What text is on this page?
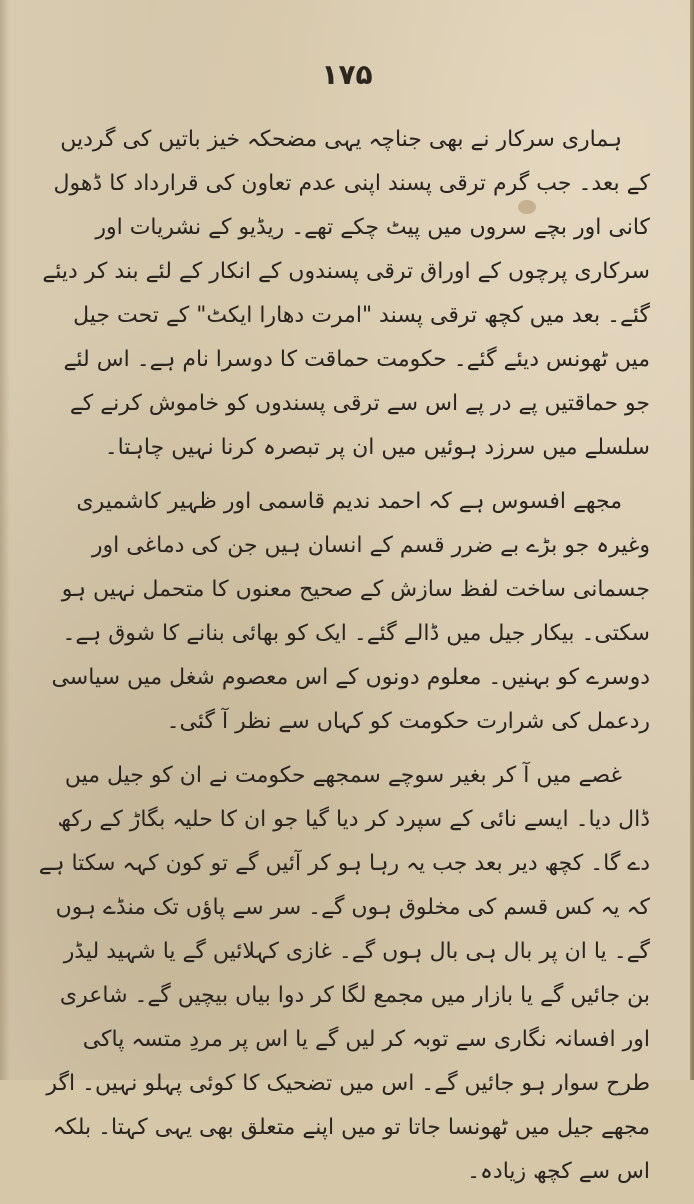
۱۷۵

ہماری سرکار نے بھی جناچہ یہی مضحکہ خیز باتیں کی گردیں کے بعد۔ جب گرم ترقی پسند اپنی عدم تعاون کی قرارداد کا ڈھول کانی اور بچے سروں میں پیٹ چکے تھے۔ ریڈیو کے نشریات اور سرکاری پرچوں کے اوراق ترقی پسندوں کے انکار کے لئے بند کر دیئے گئے۔ بعد میں کچھ ترقی پسند "امرت دھارا ایکٹ" کے تحت جیل میں ٹھونس دیئے گئے۔ حکومت حماقت کا دوسرا نام ہے۔ اس لئے جو حماقتیں پے در پے اس سے ترقی پسندوں کو خاموش کرنے کے سلسلے میں سرزد ہوئیں میں ان پر تبصرہ کرنا نہیں چاہتا۔

مجھے افسوس ہے کہ احمد ندیم قاسمی اور ظہیر کاشمیری وغیرہ جو بڑے بے ضرر قسم کے انسان ہیں جن کی دماغی اور جسمانی ساخت لفظ سازش کے صحیح معنوں کا متحمل نہیں ہو سکتی۔ بیکار جیل میں ڈالے گئے۔ ایک کو بھائی بنانے کا شوق ہے۔ دوسرے کو بہنیں۔ معلوم دونوں کے اس معصوم شغل میں سیاسی ردعمل کی شرارت حکومت کو کہاں سے نظر آ گئی۔

غصے میں آ کر بغیر سوچے سمجھے حکومت نے ان کو جیل میں ڈال دیا۔ ایسے نائی کے سپرد کر دیا گیا جو ان کا حلیہ بگاڑ کے رکھ دے گا۔ کچھ دیر بعد جب یہ رہا ہو کر آئیں گے تو کون کہہ سکتا ہے کہ یہ کس قسم کی مخلوق ہوں گے۔ سر سے پاؤں تک منڈے ہوں گے۔ یا ان پر بال ہی بال ہوں گے۔ غازی کہلائیں گے یا شہید لیڈر بن جائیں گے یا بازار میں مجمع لگا کر دوا بیاں بیچیں گے۔ شاعری اور افسانہ نگاری سے توبہ کر لیں گے یا اس پر مردِ متسہ پاکی طرح سوار ہو جائیں گے۔ اس میں تضحیک کا کوئی پہلو نہیں۔ اگر مجھے جیل میں ٹھونسا جاتا تو میں اپنے متعلق بھی یہی کہتا۔ بلکہ اس سے کچھ زیادہ۔
